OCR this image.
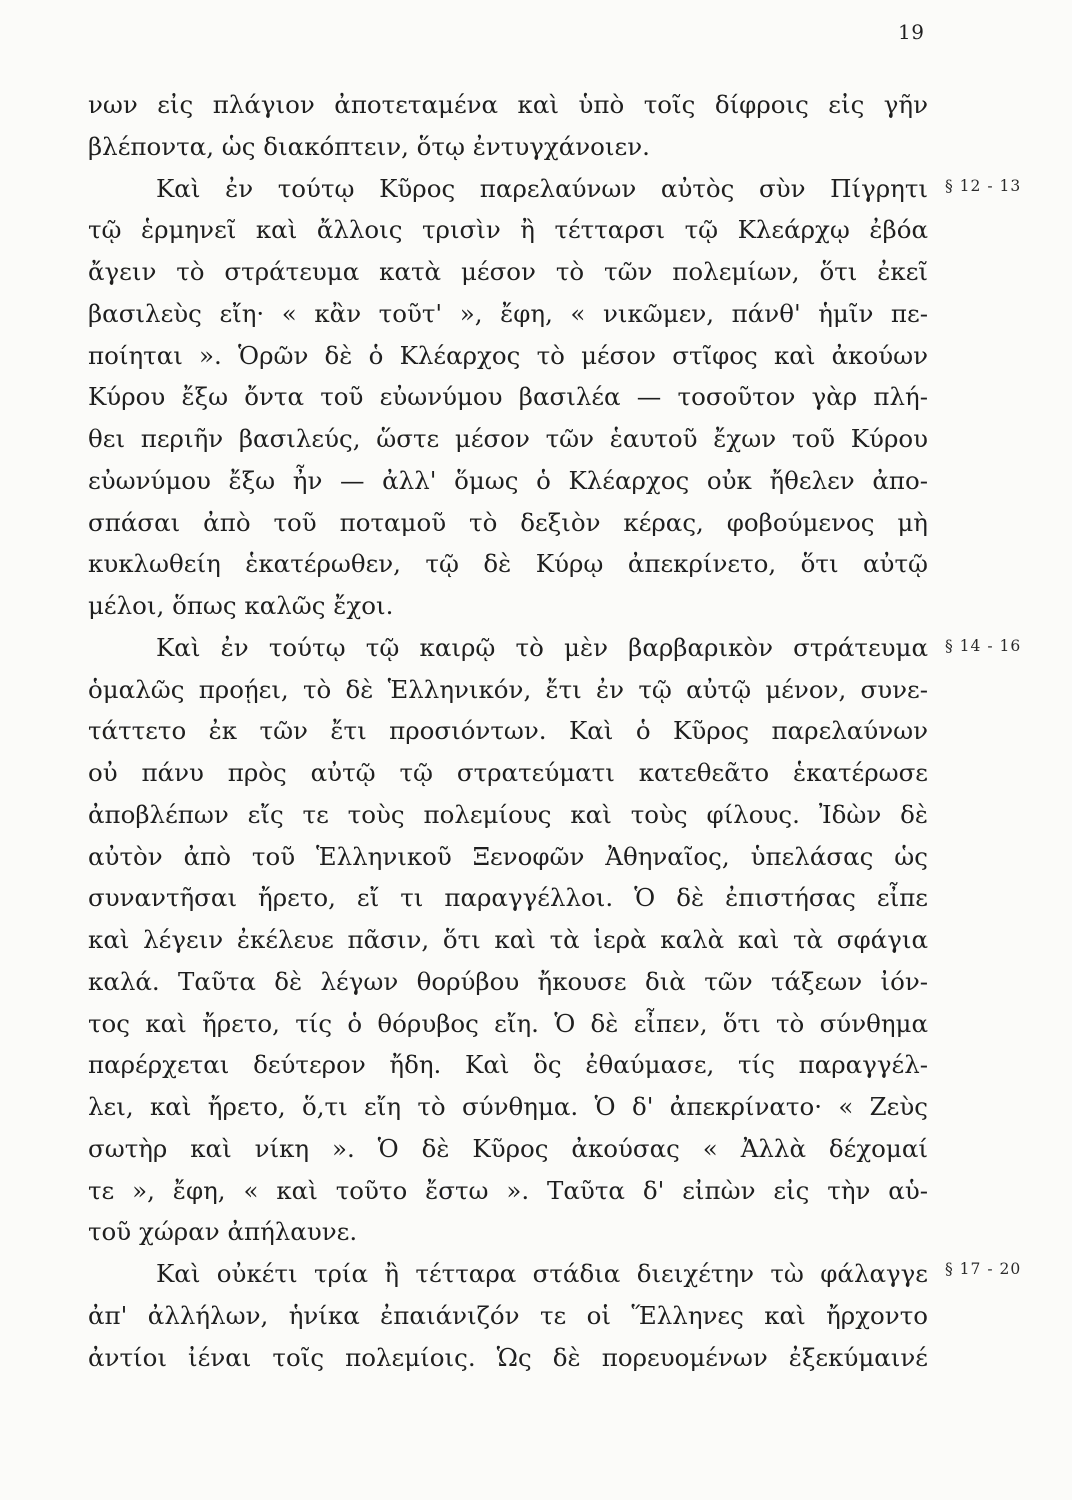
19
νων εἰς πλάγιον ἀποτεταμένα καὶ ὑπὸ τοῖς δίφροις εἰς γῆν
βλέποντα, ὡς διακόπτειν, ὅτῳ ἐντυγχάνοιεν.
Καὶ ἐν τούτῳ Κῦρος παρελαύνων αὐτὸς σὺν Πίγρητι
τῷ ἑρμηνεῖ καὶ ἄλλοις τρισὶν ἢ τέτταρσι τῷ Κλεάρχῳ ἐβόα
ἄγειν τὸ στράτευμα κατὰ μέσον τὸ τῶν πολεμίων, ὅτι ἐκεῖ
βασιλεὺς εἴη· « κἂν τοῦτ' », ἔφη, « νικῶμεν, πάνθ' ἡμῖν πε-
ποίηται ». Ὁρῶν δὲ ὁ Κλέαρχος τὸ μέσον στῖφος καὶ ἀκούων
Κύρου ἔξω ὄντα τοῦ εὐωνύμου βασιλέα — τοσοῦτον γὰρ πλή-
θει περιῆν βασιλεύς, ὥστε μέσον τῶν ἑαυτοῦ ἔχων τοῦ Κύρου
εὐωνύμου ἔξω ἦν — ἀλλ' ὅμως ὁ Κλέαρχος οὐκ ἤθελεν ἀπο-
σπάσαι ἀπὸ τοῦ ποταμοῦ τὸ δεξιὸν κέρας, φοβούμενος μὴ
κυκλωθείη ἑκατέρωθεν, τῷ δὲ Κύρῳ ἀπεκρίνετο, ὅτι αὐτῷ
μέλοι, ὅπως καλῶς ἔχοι.
Καὶ ἐν τούτῳ τῷ καιρῷ τὸ μὲν βαρβαρικὸν στράτευμα
ὁμαλῶς προῄει, τὸ δὲ Ἑλληνικόν, ἔτι ἐν τῷ αὐτῷ μένον, συνε-
τάττετο ἐκ τῶν ἔτι προσιόντων. Καὶ ὁ Κῦρος παρελαύνων
οὐ πάνυ πρὸς αὐτῷ τῷ στρατεύματι κατεθεᾶτο ἑκατέρωσε
ἀποβλέπων εἴς τε τοὺς πολεμίους καὶ τοὺς φίλους. Ἰδὼν δὲ
αὐτὸν ἀπὸ τοῦ Ἑλληνικοῦ Ξενοφῶν Ἀθηναῖος, ὑπελάσας ὡς
συναντῆσαι ἤρετο, εἴ τι παραγγέλλοι. Ὁ δὲ ἐπιστήσας εἶπε
καὶ λέγειν ἐκέλευε πᾶσιν, ὅτι καὶ τὰ ἱερὰ καλὰ καὶ τὰ σφάγια
καλά. Ταῦτα δὲ λέγων θορύβου ἤκουσε διὰ τῶν τάξεων ἰόν-
τος καὶ ἤρετο, τίς ὁ θόρυβος εἴη. Ὁ δὲ εἶπεν, ὅτι τὸ σύνθημα
παρέρχεται δεύτερον ἤδη. Καὶ ὃς ἐθαύμασε, τίς παραγγέλ-
λει, καὶ ἤρετο, ὅ,τι εἴη τὸ σύνθημα. Ὁ δ' ἀπεκρίνατο· « Ζεὺς
σωτὴρ καὶ νίκη ». Ὁ δὲ Κῦρος ἀκούσας « Ἀλλὰ δέχομαί
τε », ἔφη, « καὶ τοῦτο ἔστω ». Ταῦτα δ' εἰπὼν εἰς τὴν αὑ-
τοῦ χώραν ἀπήλαυνε.
Καὶ οὐκέτι τρία ἢ τέτταρα στάδια διειχέτην τὼ φάλαγγε
ἀπ' ἀλλήλων, ἡνίκα ἐπαιάνιζόν τε οἱ Ἕλληνες καὶ ἤρχοντο
ἀντίοι ἰέναι τοῖς πολεμίοις. Ὡς δὲ πορευομένων ἐξεκύμαινέ
§ 12 - 13
§ 14 - 16
§ 17 - 20
